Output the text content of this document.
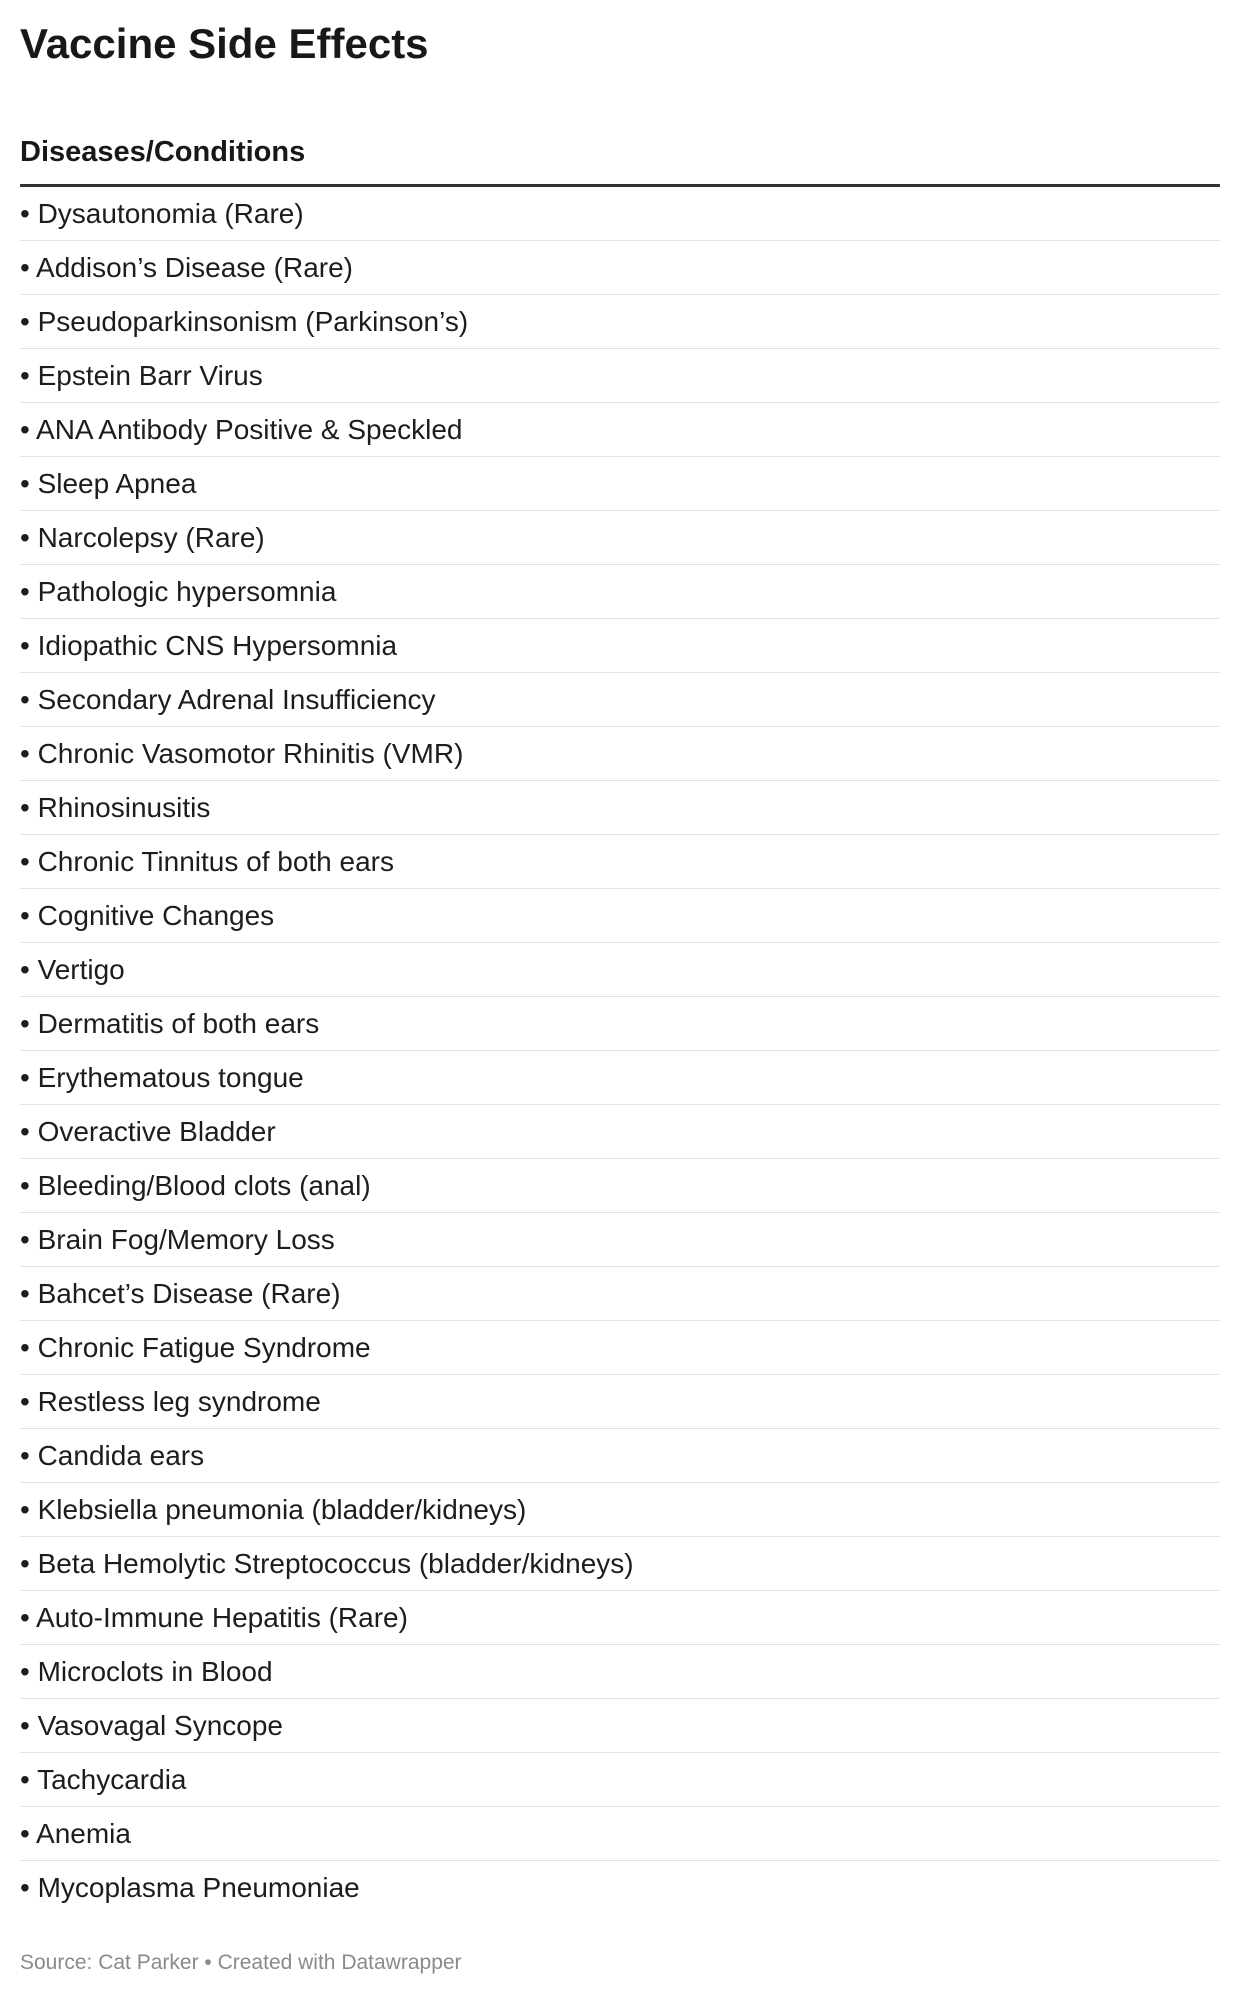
Vaccine Side Effects
Diseases/Conditions
• Dysautonomia (Rare)
• Addison’s Disease (Rare)
• Pseudoparkinsonism (Parkinson’s)
• Epstein Barr Virus
• ANA Antibody Positive & Speckled
• Sleep Apnea
• Narcolepsy (Rare)
• Pathologic hypersomnia
• Idiopathic CNS Hypersomnia
• Secondary Adrenal Insufficiency
• Chronic Vasomotor Rhinitis (VMR)
• Rhinosinusitis
• Chronic Tinnitus of both ears
• Cognitive Changes
• Vertigo
• Dermatitis of both ears
• Erythematous tongue
• Overactive Bladder
• Bleeding/Blood clots (anal)
• Brain Fog/Memory Loss
• Bahcet’s Disease (Rare)
• Chronic Fatigue Syndrome
• Restless leg syndrome
• Candida ears
• Klebsiella pneumonia (bladder/kidneys)
• Beta Hemolytic Streptococcus (bladder/kidneys)
• Auto-Immune Hepatitis (Rare)
• Microclots in Blood
• Vasovagal Syncope
• Tachycardia
• Anemia
• Mycoplasma Pneumoniae
Source: Cat Parker • Created with Datawrapper
